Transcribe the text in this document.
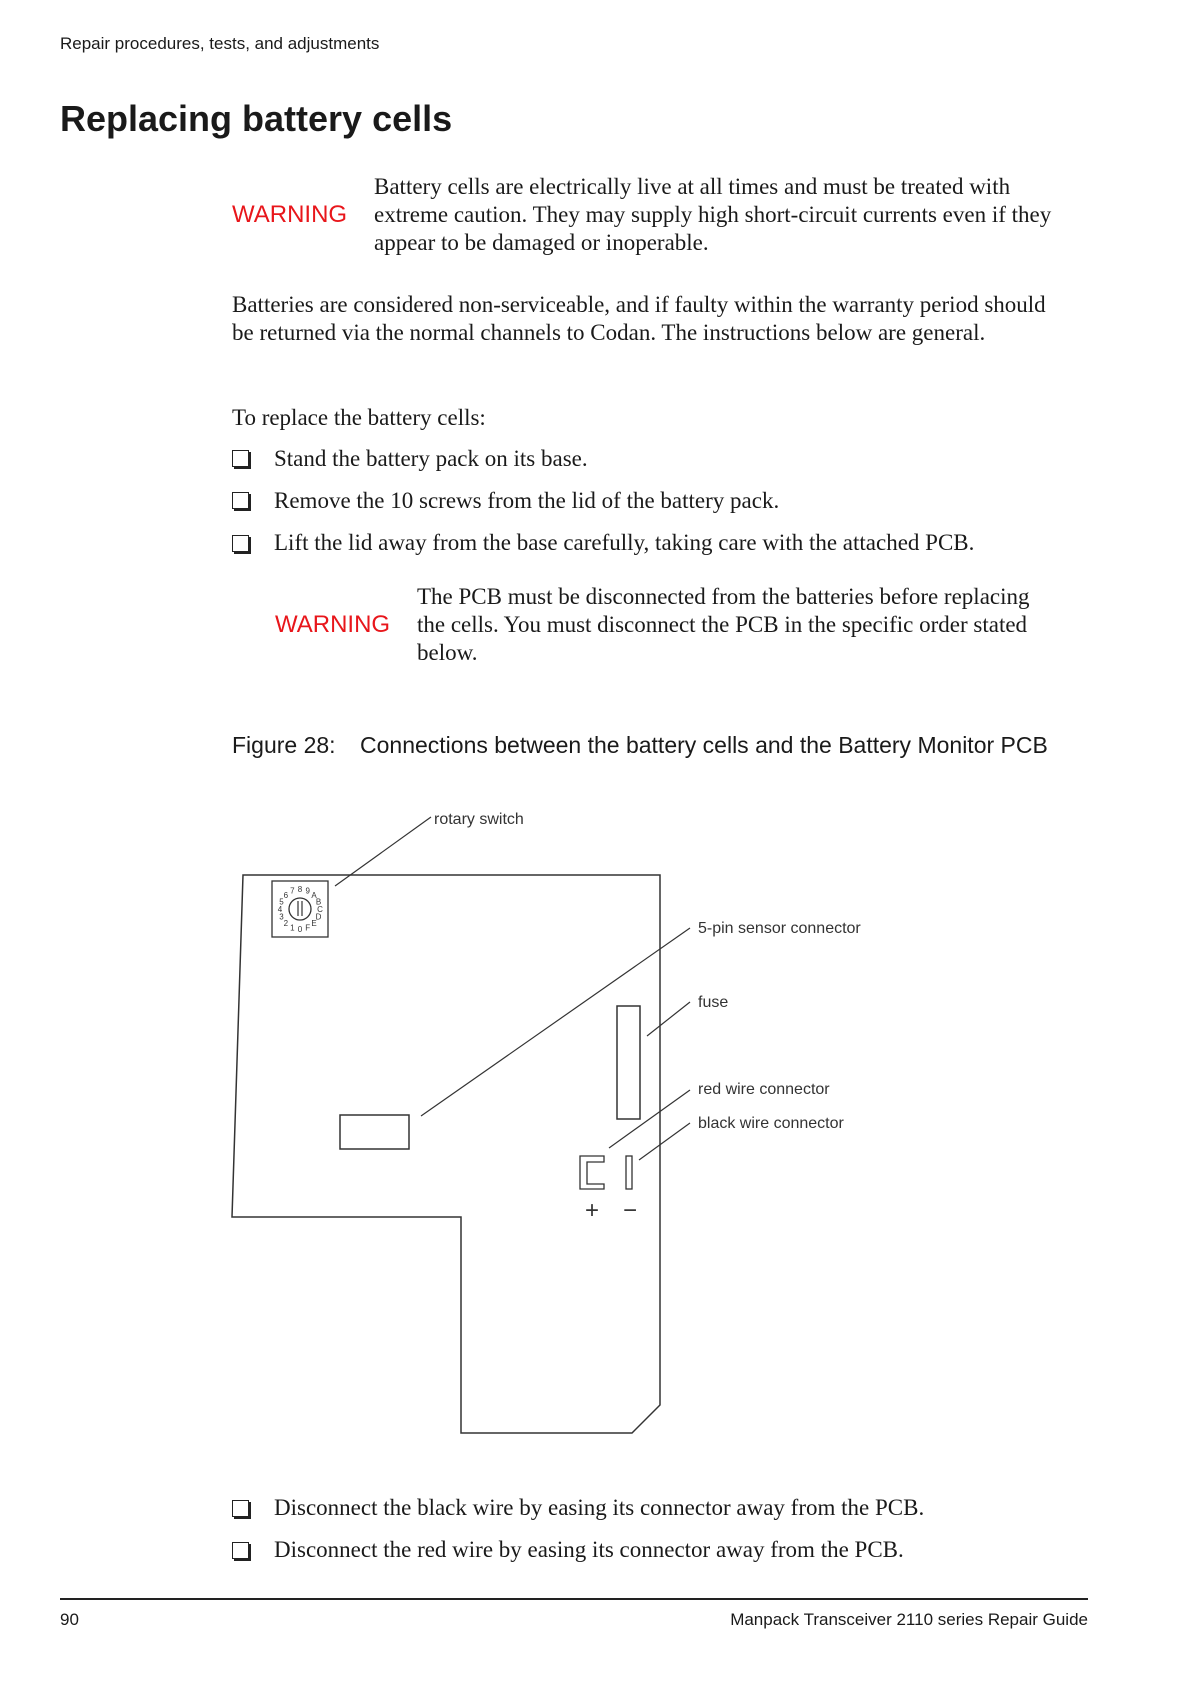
Repair procedures, tests, and adjustments
Replacing battery cells
WARNING
Battery cells are electrically live at all times and must be treated with
extreme caution. They may supply high short-circuit currents even if they
appear to be damaged or inoperable.
Batteries are considered non-serviceable, and if faulty within the warranty period should
be returned via the normal channels to Codan. The instructions below are general.
To replace the battery cells:
Stand the battery pack on its base.
Remove the 10 screws from the lid of the battery pack.
Lift the lid away from the base carefully, taking care with the attached PCB.
WARNING
The PCB must be disconnected from the batteries before replacing
the cells. You must disconnect the PCB in the specific order stated
below.
Figure 28: Connections between the battery cells and the Battery Monitor PCB
0
1
2
3
4
5
6 7 8 9 A
B
C
D
E
F
+ −
rotary switch
5-pin sensor connector
fuse
red wire connector
black wire connector
Disconnect the black wire by easing its connector away from the PCB.
Disconnect the red wire by easing its connector away from the PCB.
90	Manpack Transceiver 2110 series Repair Guide
